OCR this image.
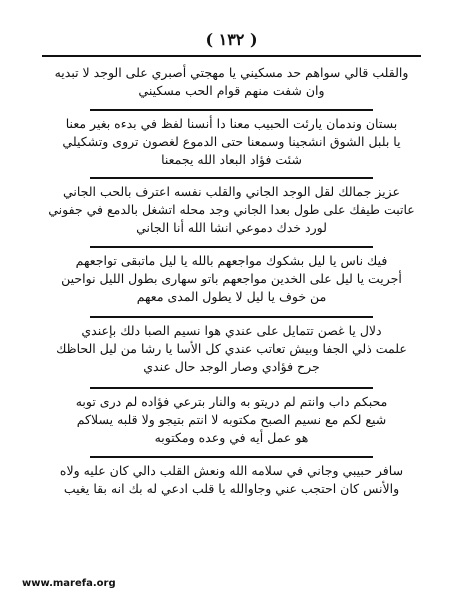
( ١٣٢ )
والقلب قالي سواهم حد مسكيني يا مهجتي أصبري على الوجد لا تبديه
وان شفت منهم قوام الحب مسكيني
بستان وندمان يارئت الحبيب معنا دا أنسنا لفظ في بدءه بغير معنا
يا بلبل الشوق انشجينا وسمعنا حتى الدموع لغصون تروى وتشكيلي
شئت فؤاد البعاد الله يجمعنا
عزيز جمالك لقل الوجد الجاني والقلب نفسه اعترف بالحب الجاني
عاتبت طيفك على طول بعدا الجاني وجد محله اتشغل بالدمع في جفوني
لورد خدك دموعي انشا الله أنا الجاني
فيك ناس يا ليل بشكوك مواجعهم بالله يا ليل ماتبقى تواجعهم
أجريت يا ليل على الخدين مواجعهم باتو سهارى بطول الليل نواحين
من خوف يا ليل لا يطول المدى معهم
دلال يا غصن تتمايل على عندي هوا نسيم الصبا دلك بإعندي
علمت ذلي الجفا وبيش تعاتب عندي كل الأسا يا رشا من ليل الحاظك
جرح فؤادي وصار الوجد حال عندي
محبكم داب وانتم لم دريتو به والنار بترعي فؤاده لم درى توبه
شيع لكم مع نسيم الصبح مكتوبه لا انتم بتيجو ولا قلبه يسلاكم
هو عمل أيه في وعده ومكتوبه
سافر حبيبي وجاني في سلامه الله ونعش القلب دالي كان عليه ولاه
والأنس كان احتجب عني وجاوالله يا قلب ادعي له بك انه بقا يغيب
www.marefa.org
